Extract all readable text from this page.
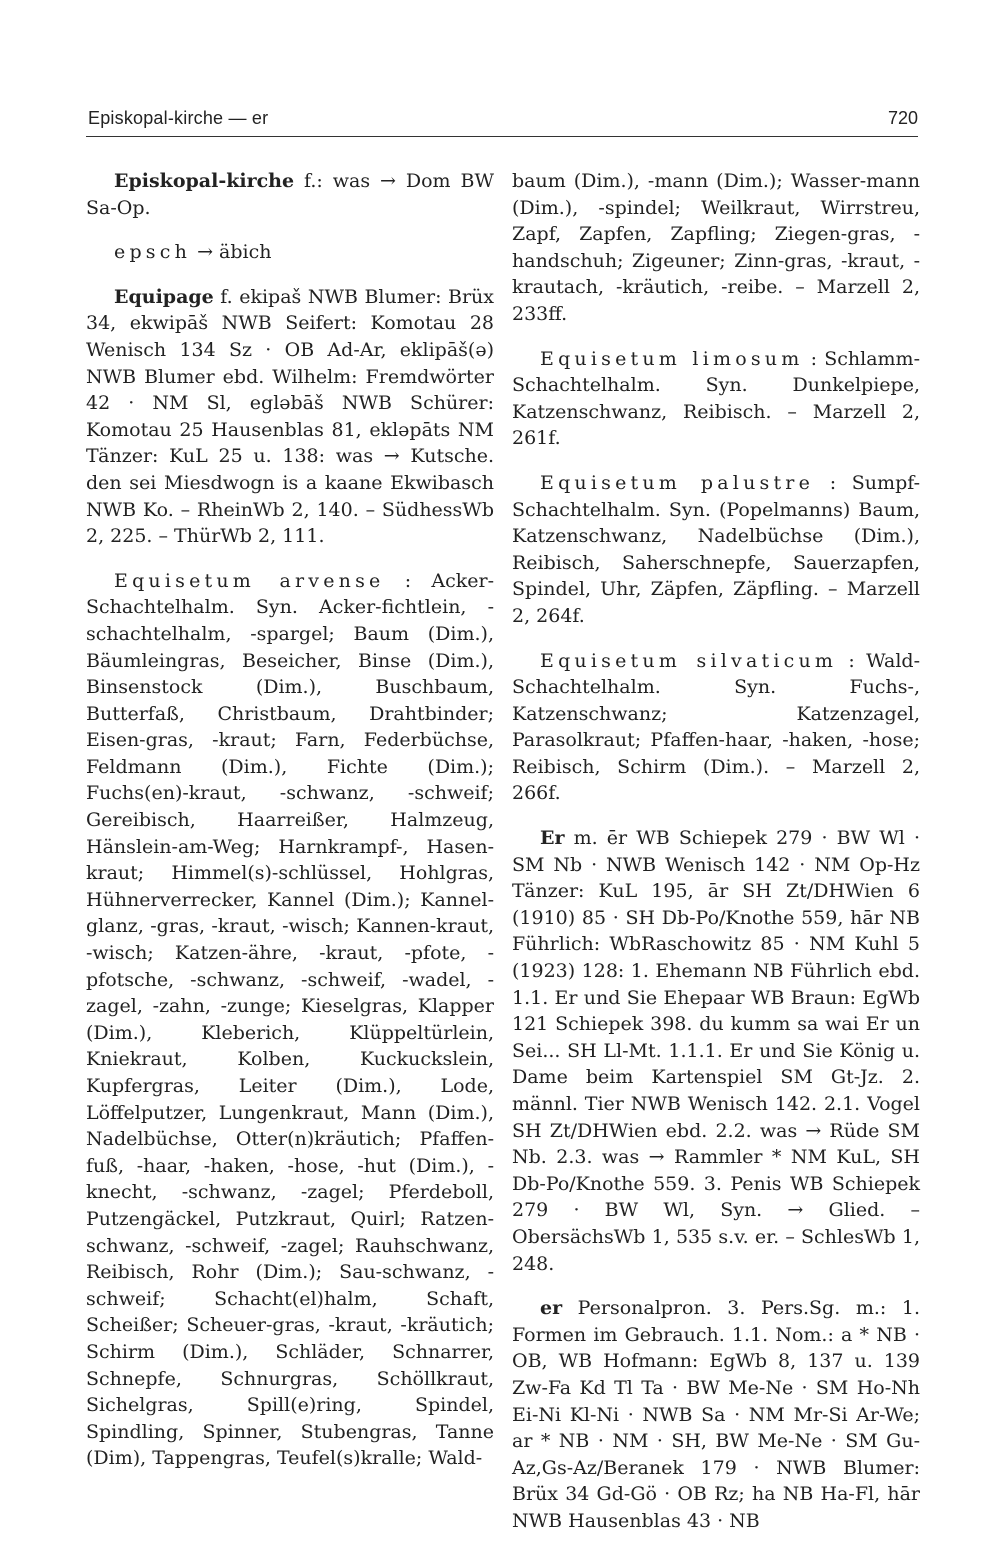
Episkopal-kirche — er	720

Episkopal-kirche f.: was → Dom BW Sa-Op.

epsch → äbich

Equipage f. ekipaš NWB Blumer: Brüx 34, ekwipāš NWB Seifert: Komotau 28 Wenisch 134 Sz · OB Ad-Ar, eklipāš(ə) NWB Blumer ebd. Wilhelm: Fremdwörter 42 · NM Sl, egləbāš NWB Schürer: Komotau 25 Hausenblas 81, ekləpāts NM Tänzer: KuL 25 u. 138: was → Kutsche. den sei Miesdwogn is a kaane Ekwibasch NWB Ko. – RheinWb 2, 140. – SüdhessWb 2, 225. – ThürWb 2, 111.

Equisetum arvense : Acker-Schachtelhalm. Syn. Acker-fichtlein, -schachtelhalm, -spargel; Baum (Dim.), Bäumleingras, Beseicher, Binse (Dim.), Binsenstock (Dim.), Buschbaum, Butterfaß, Christbaum, Drahtbinder; Eisen-gras, -kraut; Farn, Federbüchse, Feldmann (Dim.), Fichte (Dim.); Fuchs(en)-kraut, -schwanz, -schweif; Gereibisch, Haarreißer, Halmzeug, Hänslein-am-Weg; Harnkrampf-, Hasen-kraut; Himmel(s)-schlüssel, Hohlgras, Hühnerverrecker, Kannel (Dim.); Kannel-glanz, -gras, -kraut, -wisch; Kannen-kraut, -wisch; Katzen-ähre, -kraut, -pfote, -pfotsche, -schwanz, -schweif, -wadel, -zagel, -zahn, -zunge; Kieselgras, Klapper (Dim.), Kleberich, Klüppeltürlein, Kniekraut, Kolben, Kuckuckslein, Kupfergras, Leiter (Dim.), Lode, Löffelputzer, Lungenkraut, Mann (Dim.), Nadelbüchse, Otter(n)kräutich; Pfaffen-fuß, -haar, -haken, -hose, -hut (Dim.), -knecht, -schwanz, -zagel; Pferdeboll, Putzengäckel, Putzkraut, Quirl; Ratzen-schwanz, -schweif, -zagel; Rauhschwanz, Reibisch, Rohr (Dim.); Sau-schwanz, -schweif; Schacht(el)halm, Schaft, Scheißer; Scheuer-gras, -kraut, -kräutich; Schirm (Dim.), Schläder, Schnarrer, Schnepfe, Schnurgras, Schöllkraut, Sichelgras, Spill(e)ring, Spindel, Spindling, Spinner, Stubengras, Tanne (Dim), Tappengras, Teufel(s)kralle; Wald-

baum (Dim.), -mann (Dim.); Wasser-mann (Dim.), -spindel; Weilkraut, Wirrstreu, Zapf, Zapfen, Zapfling; Ziegen-gras, -handschuh; Zigeuner; Zinn-gras, -kraut, -krautach, -kräutich, -reibe. – Marzell 2, 233ff.

Equisetum limosum : Schlamm-Schachtelhalm. Syn. Dunkelpiepe, Katzenschwanz, Reibisch. – Marzell 2, 261f.

Equisetum palustre : Sumpf-Schachtelhalm. Syn. (Popelmanns) Baum, Katzenschwanz, Nadelbüchse (Dim.), Reibisch, Saherschnepfe, Sauerzapfen, Spindel, Uhr, Zäpfen, Zäpfling. – Marzell 2, 264f.

Equisetum silvaticum : Wald-Schachtelhalm. Syn. Fuchs-, Katzenschwanz; Katzenzagel, Parasolkraut; Pfaffen-haar, -haken, -hose; Reibisch, Schirm (Dim.). – Marzell 2, 266f.

Er m. ēr WB Schiepek 279 · BW Wl · SM Nb · NWB Wenisch 142 · NM Op-Hz Tänzer: KuL 195, ār SH Zt/DHWien 6 (1910) 85 · SH Db-Po/Knothe 559, hār NB Führlich: WbRaschowitz 85 · NM Kuhl 5 (1923) 128: 1. Ehemann NB Führlich ebd. 1.1. Er und Sie Ehepaar WB Braun: EgWb 121 Schiepek 398. du kumm sa wai Er un Sei... SH Ll-Mt. 1.1.1. Er und Sie König u. Dame beim Kartenspiel SM Gt-Jz. 2. männl. Tier NWB Wenisch 142. 2.1. Vogel SH Zt/DHWien ebd. 2.2. was → Rüde SM Nb. 2.3. was → Rammler * NM KuL, SH Db-Po/Knothe 559. 3. Penis WB Schiepek 279 · BW Wl, Syn. → Glied. – ObersächsWb 1, 535 s.v. er. – SchlesWb 1, 248.

er Personalpron. 3. Pers.Sg. m.: 1. Formen im Gebrauch. 1.1. Nom.: a * NB · OB, WB Hofmann: EgWb 8, 137 u. 139 Zw-Fa Kd Tl Ta · BW Me-Ne · SM Ho-Nh Ei-Ni Kl-Ni · NWB Sa · NM Mr-Si Ar-We; ar * NB · NM · SH, BW Me-Ne · SM Gu-Az,Gs-Az/Beranek 179 · NWB Blumer: Brüx 34 Gd-Gö · OB Rz; ha NB Ha-Fl, hār NWB Hausenblas 43 · NB
